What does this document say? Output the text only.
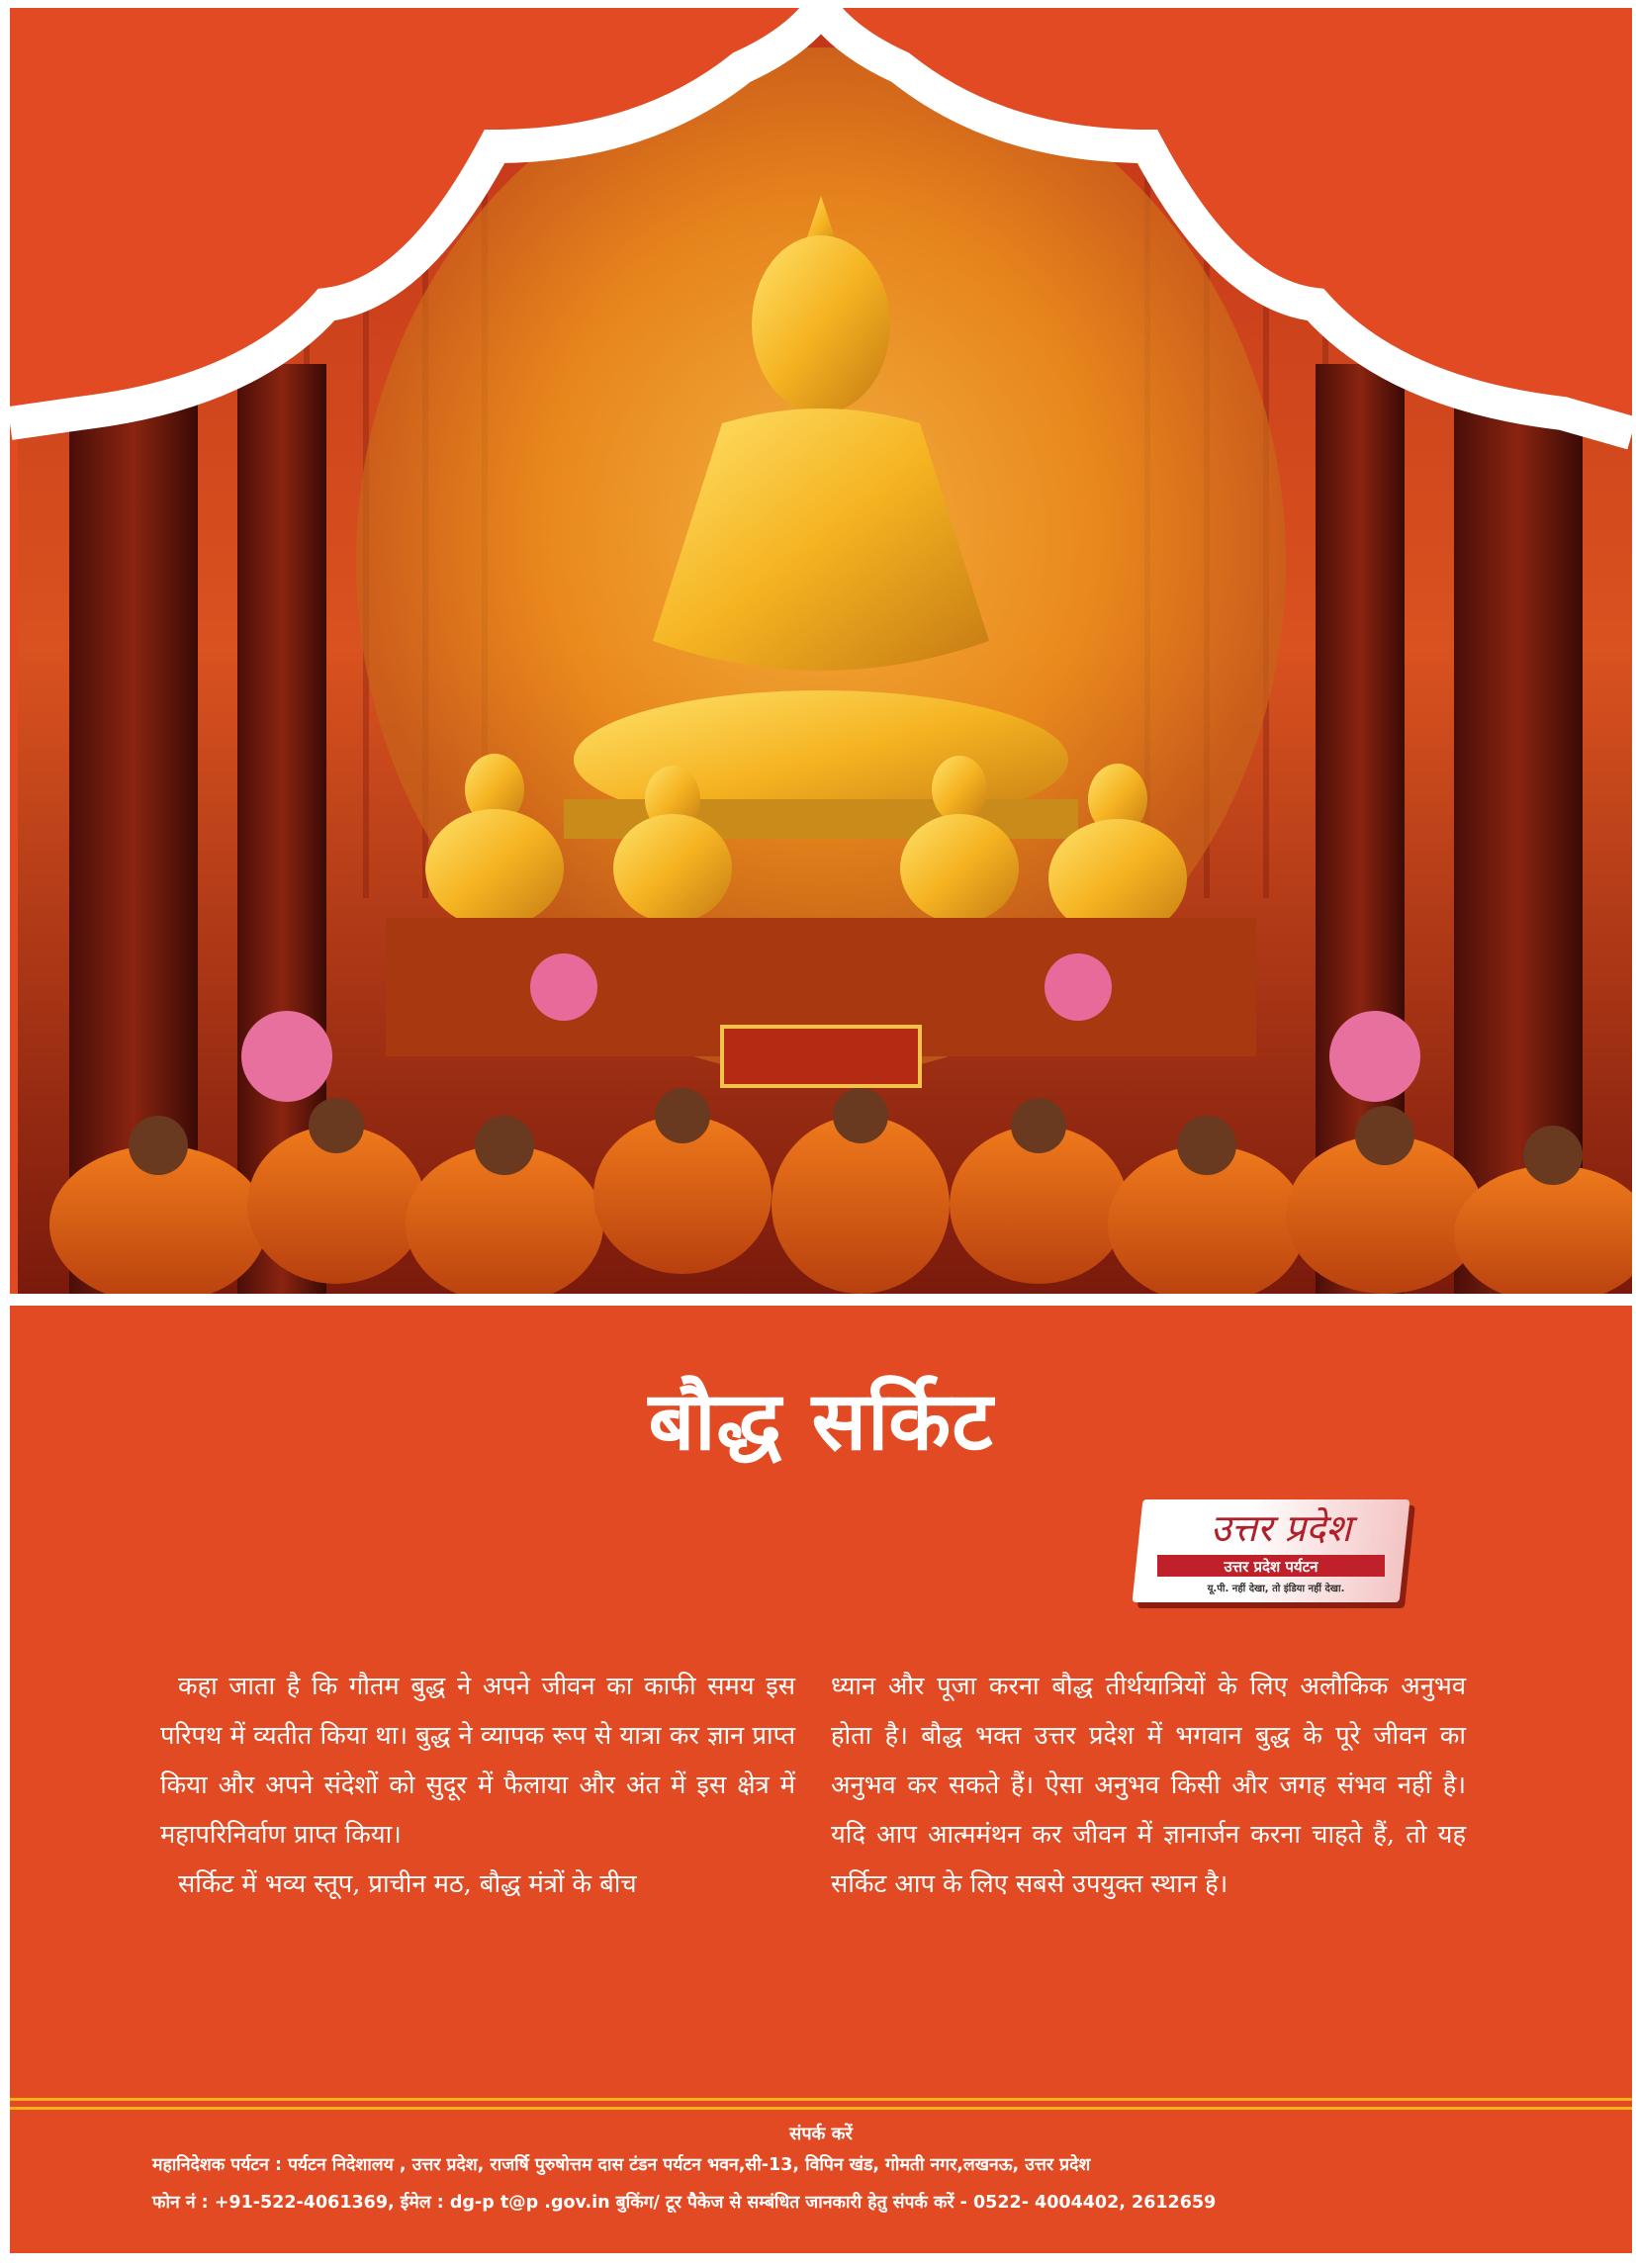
बौद्ध सर्किट
उत्तर प्रदेश
उत्तर प्रदेश पर्यटन
यू.पी. नहीं देखा, तो इंडिया नहीं देखा.

कहा जाता है कि गौतम बुद्ध ने अपने जीवन का काफी समय इस परिपथ में व्यतीत किया था। बुद्ध ने व्यापक रूप से यात्रा कर ज्ञान प्राप्त किया और अपने संदेशों को सुदूर में फैलाया और अंत में इस क्षेत्र में महापरिनिर्वाण प्राप्त किया।

सर्किट में भव्य स्तूप, प्राचीन मठ, बौद्ध मंत्रों के बीच

ध्यान और पूजा करना बौद्ध तीर्थयात्रियों के लिए अलौकिक अनुभव होता है। बौद्ध भक्त उत्तर प्रदेश में भगवान बुद्ध के पूरे जीवन का अनुभव कर सकते हैं। ऐसा अनुभव किसी और जगह संभव नहीं है। यदि आप आत्ममंथन कर जीवन में ज्ञानार्जन करना चाहते हैं, तो यह सर्किट आप के लिए सबसे उपयुक्त स्थान है।

संपर्क करें
महानिदेशक पर्यटन : पर्यटन निदेशालय , उत्तर प्रदेश, राजर्षि पुरुषोत्तम दास टंडन पर्यटन भवन,सी-13, विपिन खंड, गोमती नगर,लखनऊ, उत्तर प्रदेश
फोन नं : +91-522-4061369, ईमेल : dg-p t@p .gov.in बुकिंग/ टूर पैकेज से सम्बंधित जानकारी हेतु संपर्क करें - 0522- 4004402, 2612659
